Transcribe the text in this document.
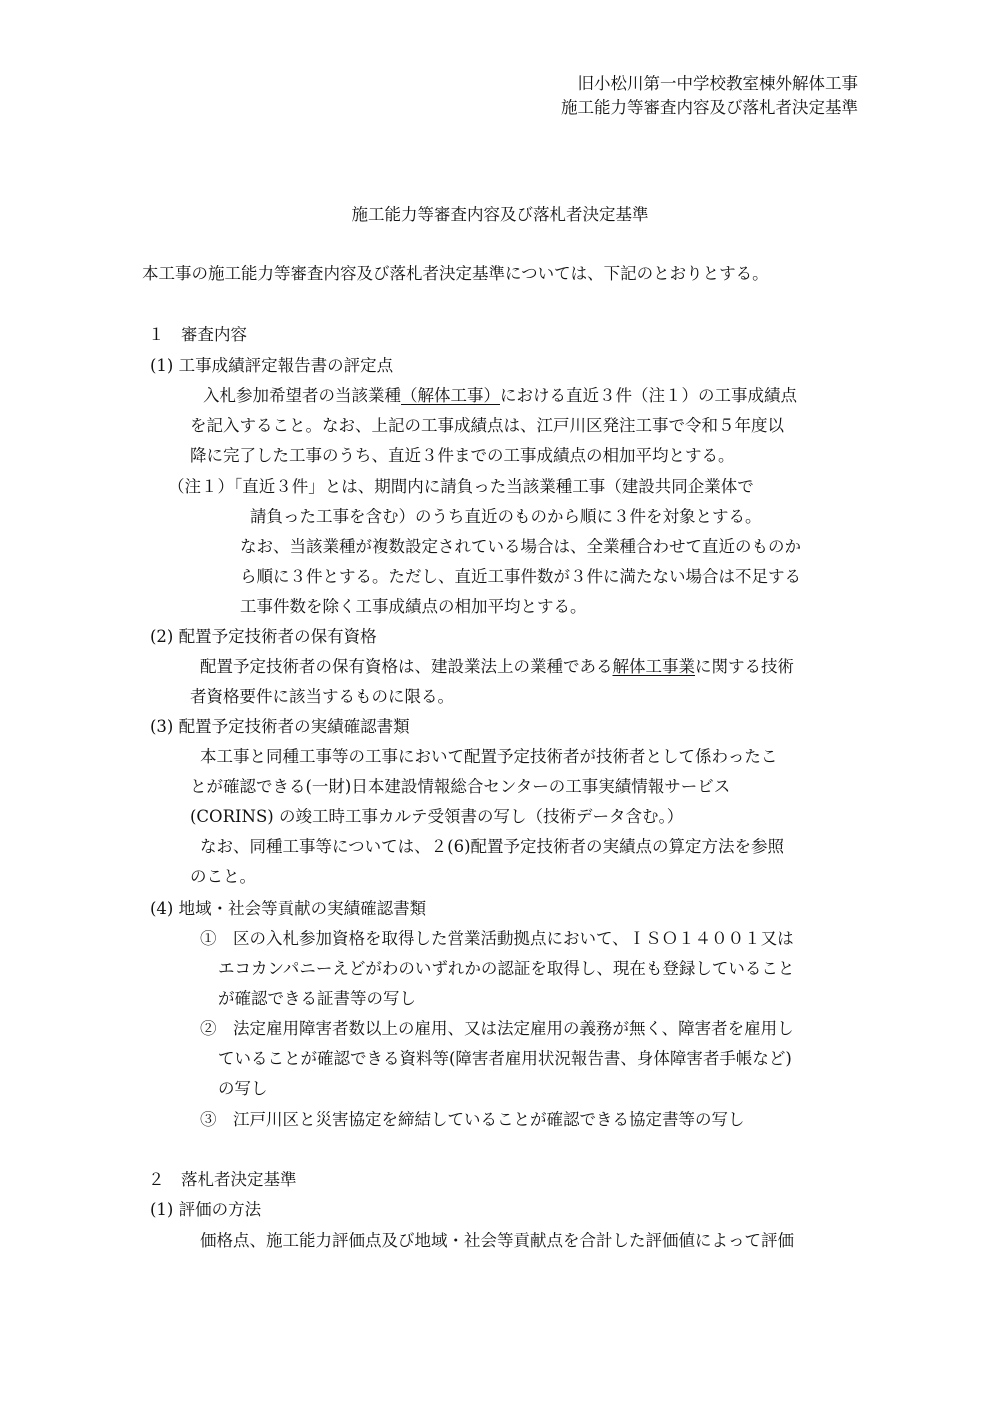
旧小松川第一中学校教室棟外解体工事
施工能力等審査内容及び落札者決定基準
施工能力等審査内容及び落札者決定基準
本工事の施工能力等審査内容及び落札者決定基準については、下記のとおりとする。
１　審査内容
(1) 工事成績評定報告書の評定点
入札参加希望者の当該業種（解体工事）における直近３件（注１）の工事成績点
を記入すること。なお、上記の工事成績点は、江戸川区発注工事で令和５年度以
降に完了した工事のうち、直近３件までの工事成績点の相加平均とする。
（注１）「直近３件」とは、期間内に請負った当該業種工事（建設共同企業体で
請負った工事を含む）のうち直近のものから順に３件を対象とする。
なお、当該業種が複数設定されている場合は、全業種合わせて直近のものか
ら順に３件とする。ただし、直近工事件数が３件に満たない場合は不足する
工事件数を除く工事成績点の相加平均とする。
(2) 配置予定技術者の保有資格
配置予定技術者の保有資格は、建設業法上の業種である解体工事業に関する技術
者資格要件に該当するものに限る。
(3) 配置予定技術者の実績確認書類
本工事と同種工事等の工事において配置予定技術者が技術者として係わったこ
とが確認できる(一財)日本建設情報総合センターの工事実績情報サービス
(CORINS) の竣工時工事カルテ受領書の写し（技術データ含む。）
なお、同種工事等については、２(6)配置予定技術者の実績点の算定方法を参照
のこと。
(4) 地域・社会等貢献の実績確認書類
①　区の入札参加資格を取得した営業活動拠点において、ＩＳＯ１４００１又は
エコカンパニーえどがわのいずれかの認証を取得し、現在も登録していること
が確認できる証書等の写し
②　法定雇用障害者数以上の雇用、又は法定雇用の義務が無く、障害者を雇用し
ていることが確認できる資料等(障害者雇用状況報告書、身体障害者手帳など)
の写し
③　江戸川区と災害協定を締結していることが確認できる協定書等の写し
２　落札者決定基準
(1) 評価の方法
価格点、施工能力評価点及び地域・社会等貢献点を合計した評価値によって評価
